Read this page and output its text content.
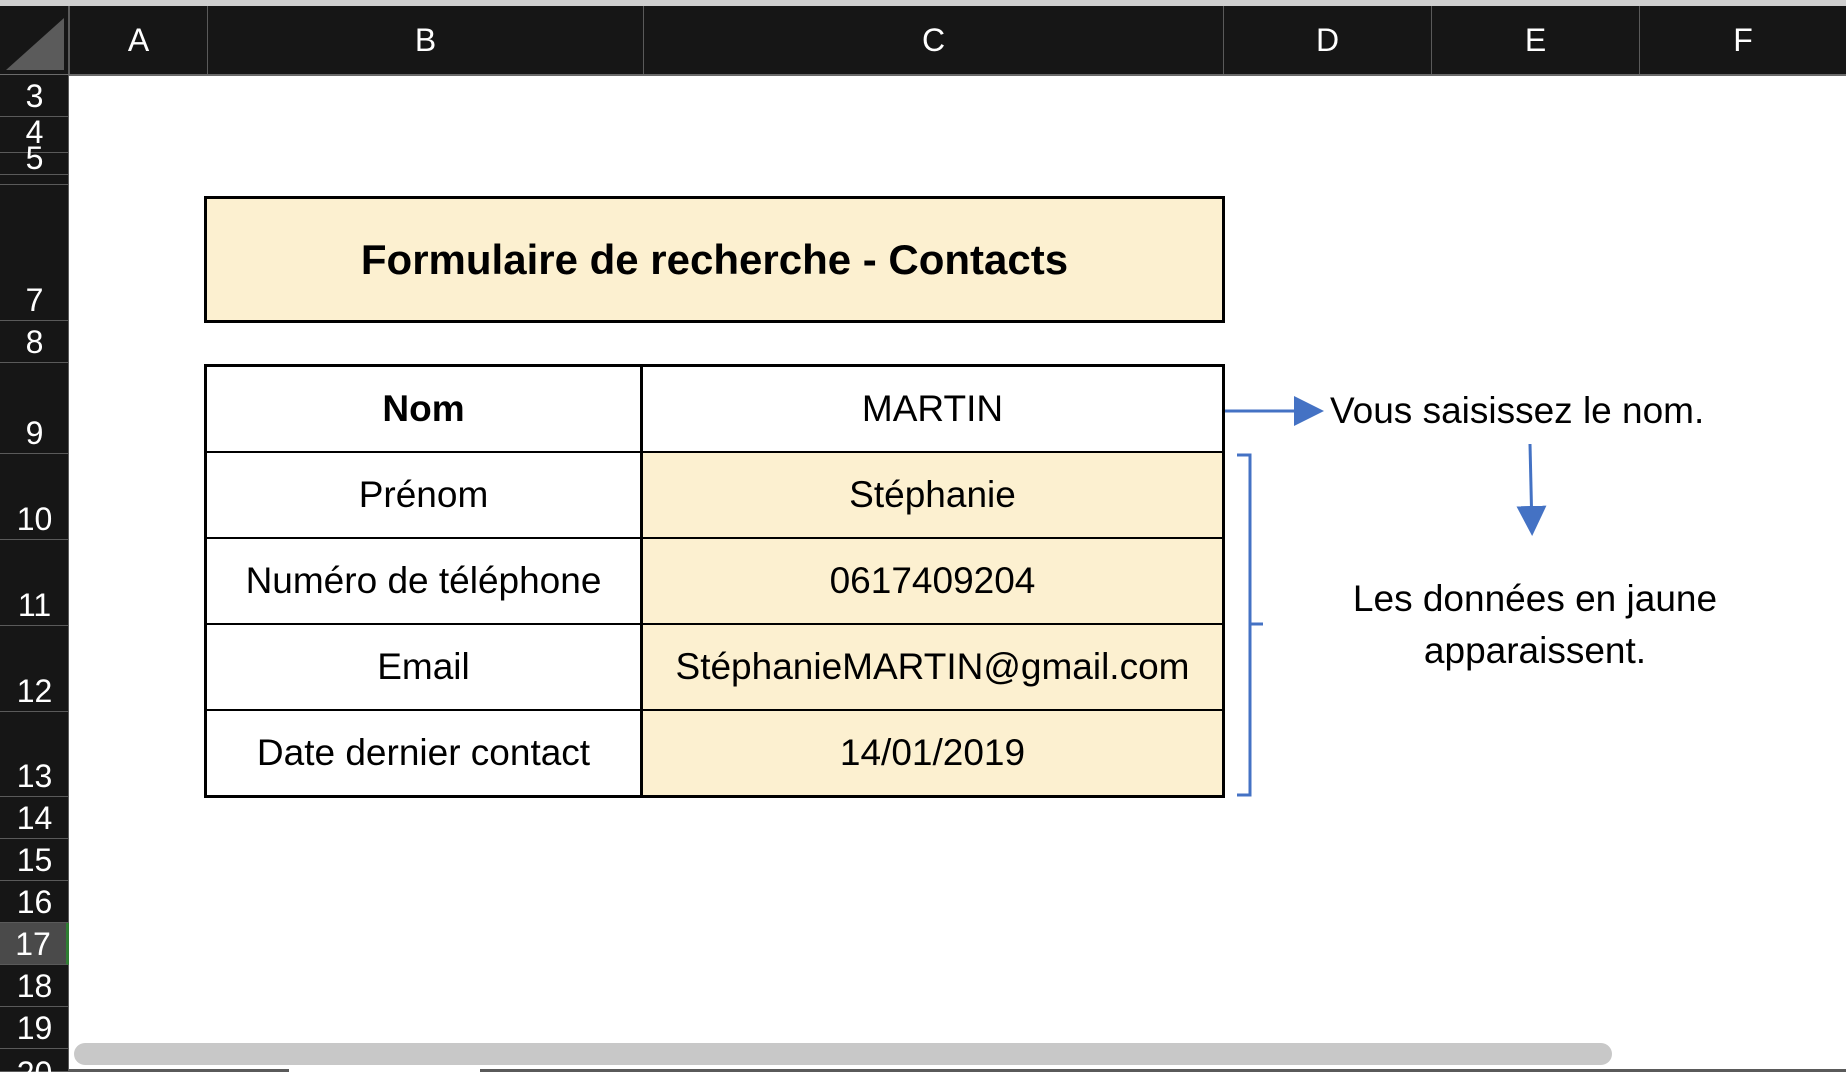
A	B	C	D	E	F
3
4
5
7
8
9
10
11
12
13
14
15
16
17
18
19
20
Formulaire de recherche - Contacts
Nom	MARTIN
Prénom	Stéphanie
Numéro de téléphone	0617409204
Email	StéphanieMARTIN@gmail.com
Date dernier contact	14/01/2019
Vous saisissez le nom.
Les données en jaune
apparaissent.
